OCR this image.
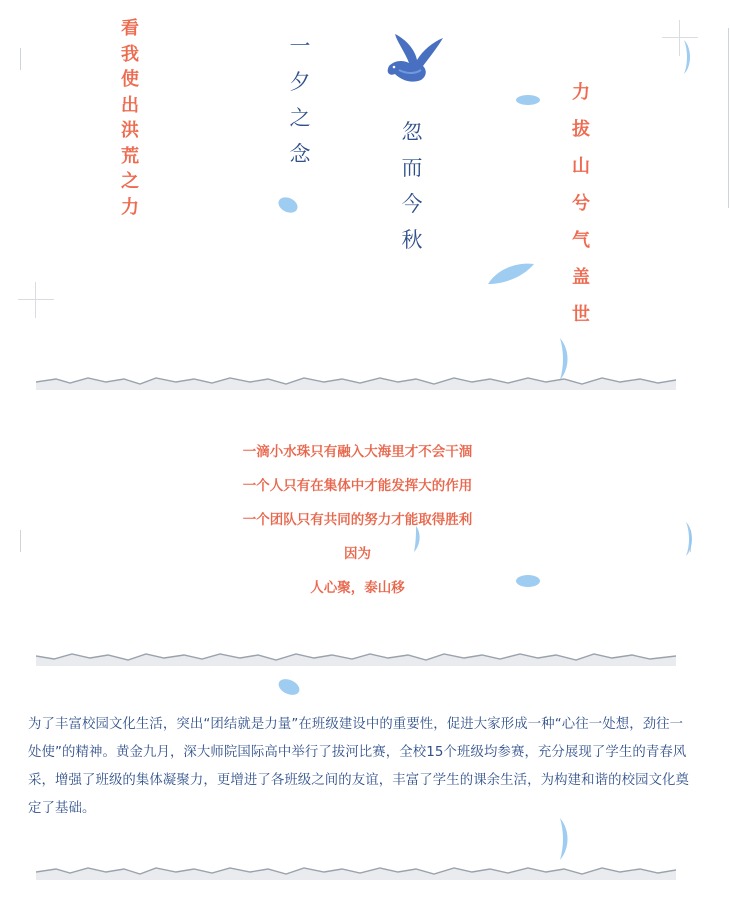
看
我
使
出
洪
荒
之
力
力
拔
山
兮
气
盖
世
一
夕
之
念
忽
而
今
秋
一滴小水珠只有融入大海里才不会干涸
一个人只有在集体中才能发挥大的作用
一个团队只有共同的努力才能取得胜利
因为
人心聚，泰山移
为了丰富校园文化生活，突出“团结就是力量”在班级建设中的重要性，促进大家形成一种“心往一处想，劲往一处使”的精神。黄金九月，深大师院国际高中举行了拔河比赛，全校15个班级均参赛，充分展现了学生的青春风采，增强了班级的集体凝聚力，更增进了各班级之间的友谊，丰富了学生的课余生活，为构建和谐的校园文化奠定了基础。
